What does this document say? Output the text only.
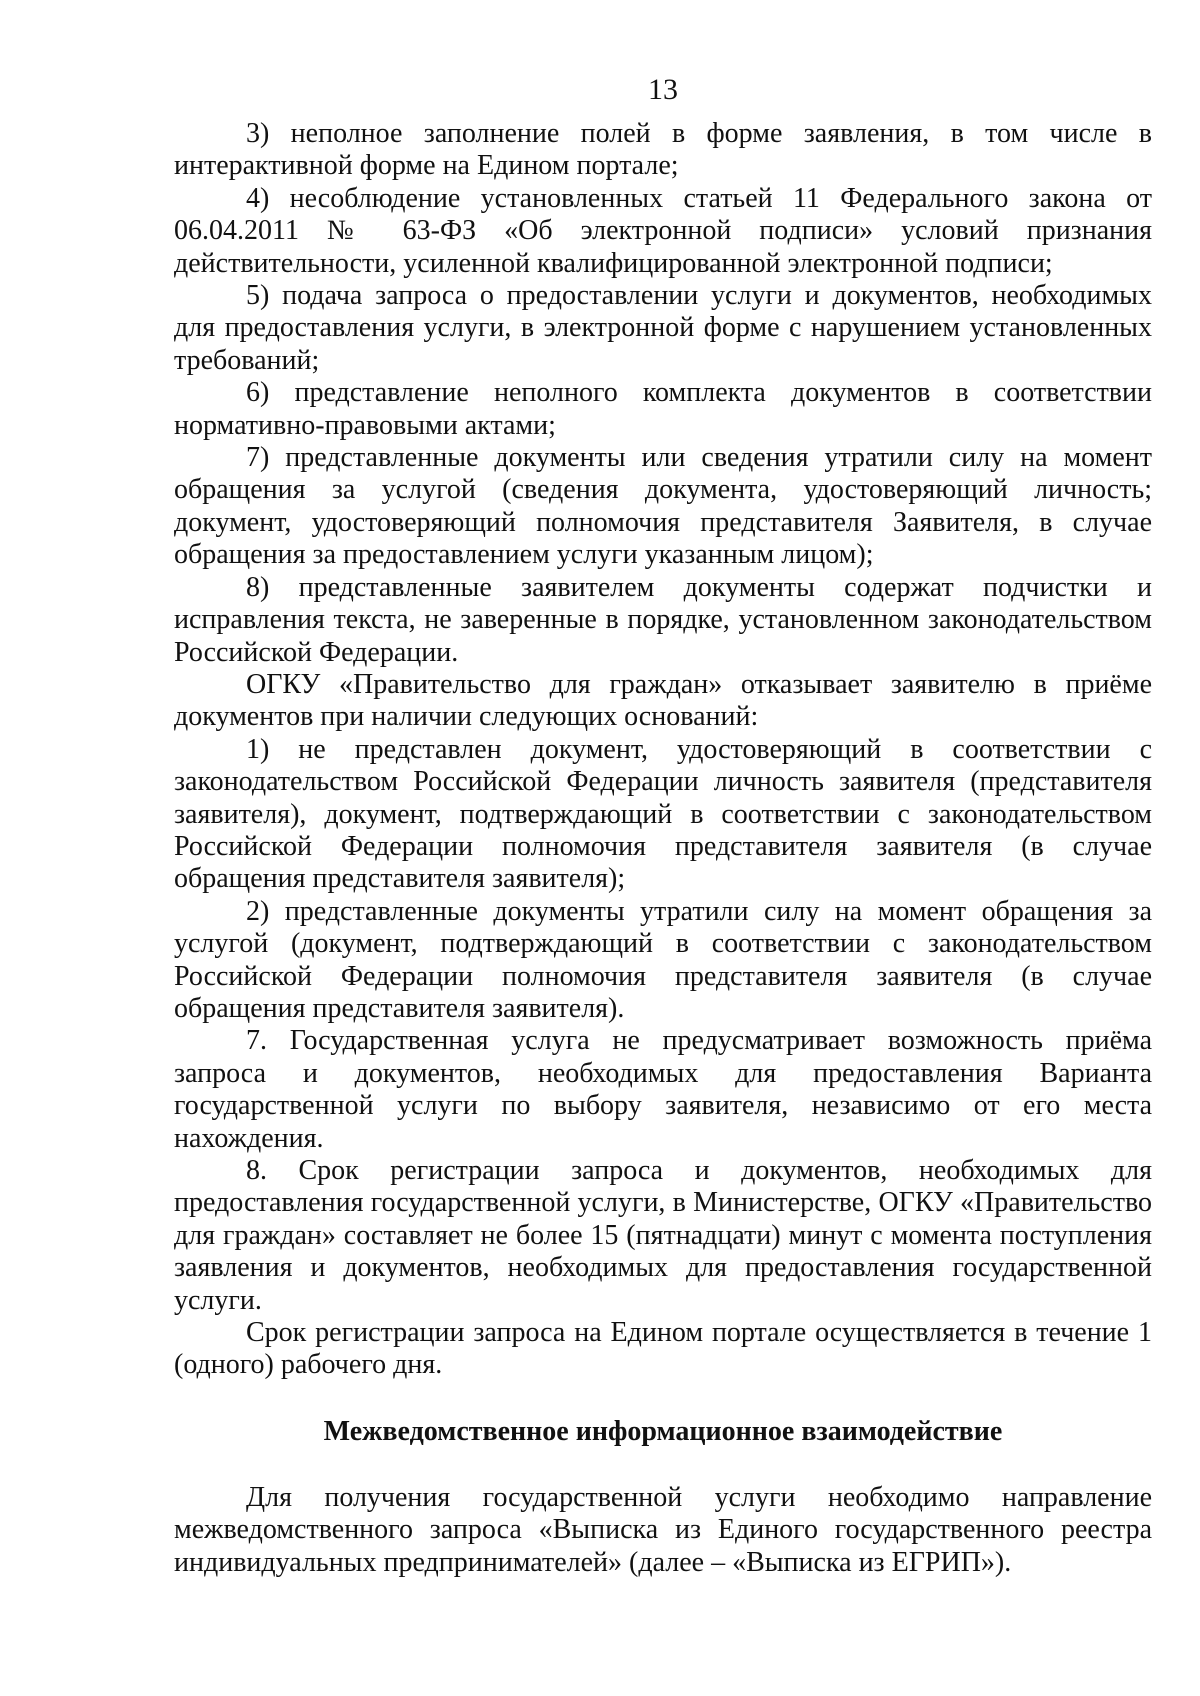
13

3) неполное заполнение полей в форме заявления, в том числе в интерактивной форме на Едином портале;

4) несоблюдение установленных статьей 11 Федерального закона от 06.04.2011 № 63-ФЗ «Об электронной подписи» условий признания действительности, усиленной квалифицированной электронной подписи;

5) подача запроса о предоставлении услуги и документов, необходимых для предоставления услуги, в электронной форме с нарушением установленных требований;

6) представление неполного комплекта документов в соответствии нормативно-правовыми актами;

7) представленные документы или сведения утратили силу на момент обращения за услугой (сведения документа, удостоверяющий личность; документ, удостоверяющий полномочия представителя Заявителя, в случае обращения за предоставлением услуги указанным лицом);

8) представленные заявителем документы содержат подчистки и исправления текста, не заверенные в порядке, установленном законодательством Российской Федерации.

ОГКУ «Правительство для граждан» отказывает заявителю в приёме документов при наличии следующих оснований:

1) не представлен документ, удостоверяющий в соответствии с законодательством Российской Федерации личность заявителя (представителя заявителя), документ, подтверждающий в соответствии с законодательством Российской Федерации полномочия представителя заявителя (в случае обращения представителя заявителя);

2) представленные документы утратили силу на момент обращения за услугой (документ, подтверждающий в соответствии с законодательством Российской Федерации полномочия представителя заявителя (в случае обращения представителя заявителя).

7. Государственная услуга не предусматривает возможность приёма запроса и документов, необходимых для предоставления Варианта государственной услуги по выбору заявителя, независимо от его места нахождения.

8. Срок регистрации запроса и документов, необходимых для предоставления государственной услуги, в Министерстве, ОГКУ «Правительство для граждан» составляет не более 15 (пятнадцати) минут с момента поступления заявления и документов, необходимых для предоставления государственной услуги.

Срок регистрации запроса на Едином портале осуществляется в течение 1 (одного) рабочего дня.

Межведомственное информационное взаимодействие

Для получения государственной услуги необходимо направление межведомственного запроса «Выписка из Единого государственного реестра индивидуальных предпринимателей» (далее – «Выписка из ЕГРИП»).
